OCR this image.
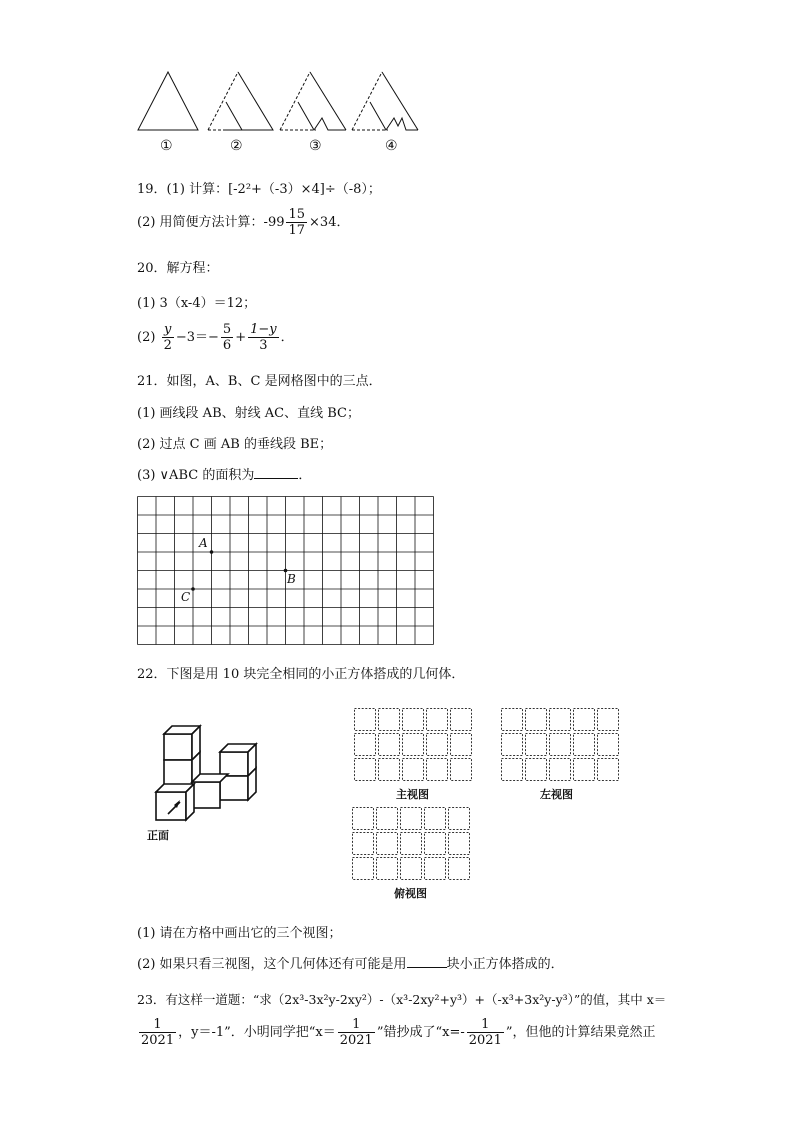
①	②	③	④
19．(1) 计算：[-2²+（-3）×4]÷（-8）；
(2) 用简便方法计算：$-99 \frac{15}{17} \times 34$．
20．解方程：
(1) 3（x-4）＝12；
$(2) \frac{y}{2} -3=- \frac{5}{6} + \frac{1-y}{3}$ ．
21．如图，A、B、C 是网格图中的三点．
(1) 画线段 AB、射线 AC、直线 BC；
(2) 过点 C 画 AB 的垂线段 BE；
(3) ∨ABC 的面积为	．
A
B
C
22．下图是用 10 块完全相同的小正方体搭成的几何体．
正面
主视图	左视图
俯视图
(1) 请在方格中画出它的三个视图；
(2) 如果只看三视图，这个几何体还有可能是用	块小正方体搭成的．
23．有这样一道题：“求（2x³-3x²y-2xy²）-（x³-2xy²+y³）+（-x³+3x²y-y³）”的值，其中 x＝
$\frac{1}{2021}$ ，y＝-1”．小明同学把“$x= \frac{1}{2021}$ ”错抄成了“$x=- \frac{1}{2021}$ ”，但他的计算结果竟然正
